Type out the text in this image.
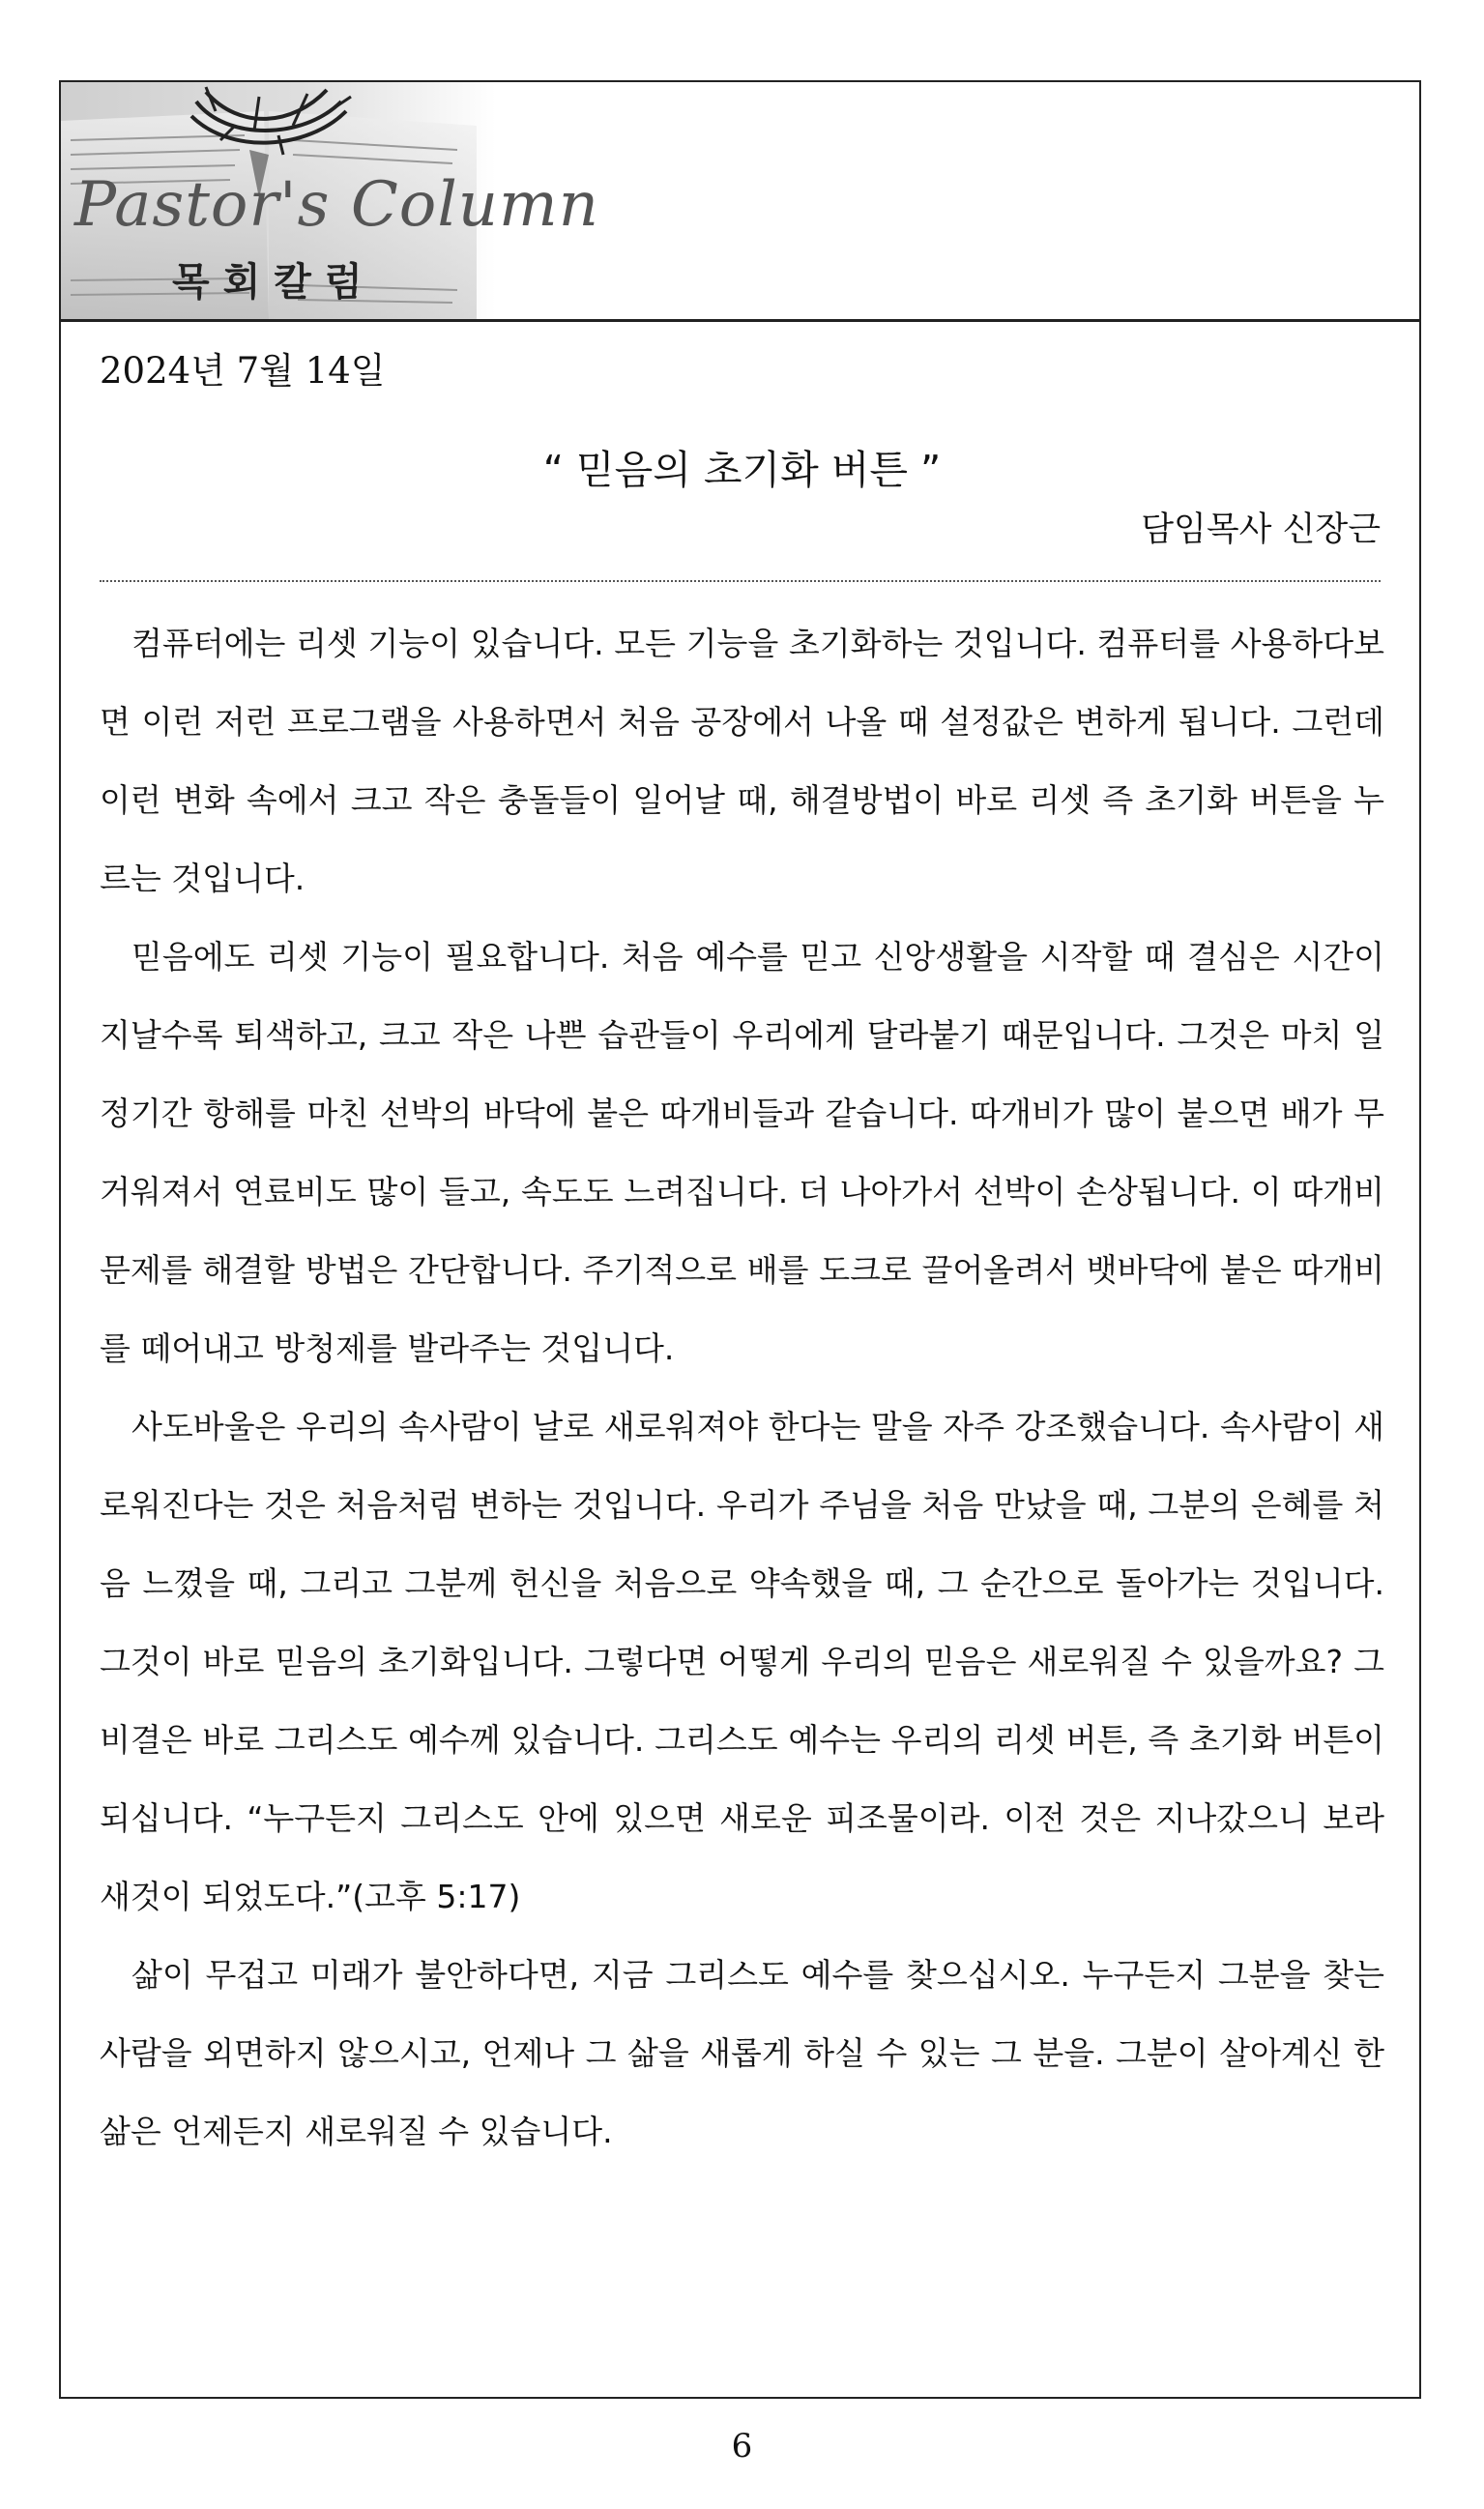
Pastor's Column
목회칼럼
2024년 7월 14일
“ 믿음의 초기화 버튼 ”
담임목사 신장근

컴퓨터에는 리셋 기능이 있습니다. 모든 기능을 초기화하는 것입니다. 컴퓨터를 사용하다보면 이런 저런 프로그램을 사용하면서 처음 공장에서 나올 때 설정값은 변하게 됩니다. 그런데 이런 변화 속에서 크고 작은 충돌들이 일어날 때, 해결방법이 바로 리셋 즉 초기화 버튼을 누르는 것입니다.

믿음에도 리셋 기능이 필요합니다. 처음 예수를 믿고 신앙생활을 시작할 때 결심은 시간이 지날수록 퇴색하고, 크고 작은 나쁜 습관들이 우리에게 달라붙기 때문입니다. 그것은 마치 일정기간 항해를 마친 선박의 바닥에 붙은 따개비들과 같습니다. 따개비가 많이 붙으면 배가 무거워져서 연료비도 많이 들고, 속도도 느려집니다. 더 나아가서 선박이 손상됩니다. 이 따개비 문제를 해결할 방법은 간단합니다. 주기적으로 배를 도크로 끌어올려서 뱃바닥에 붙은 따개비를 떼어내고 방청제를 발라주는 것입니다.

사도바울은 우리의 속사람이 날로 새로워져야 한다는 말을 자주 강조했습니다. 속사람이 새로워진다는 것은 처음처럼 변하는 것입니다. 우리가 주님을 처음 만났을 때, 그분의 은혜를 처음 느꼈을 때, 그리고 그분께 헌신을 처음으로 약속했을 때, 그 순간으로 돌아가는 것입니다. 그것이 바로 믿음의 초기화입니다. 그렇다면 어떻게 우리의 믿음은 새로워질 수 있을까요? 그 비결은 바로 그리스도 예수께 있습니다. 그리스도 예수는 우리의 리셋 버튼, 즉 초기화 버튼이 되십니다. “누구든지 그리스도 안에 있으면 새로운 피조물이라. 이전 것은 지나갔으니 보라 새것이 되었도다.”(고후 5:17)

삶이 무겁고 미래가 불안하다면, 지금 그리스도 예수를 찾으십시오. 누구든지 그분을 찾는 사람을 외면하지 않으시고, 언제나 그 삶을 새롭게 하실 수 있는 그 분을. 그분이 살아계신 한 삶은 언제든지 새로워질 수 있습니다.

6
